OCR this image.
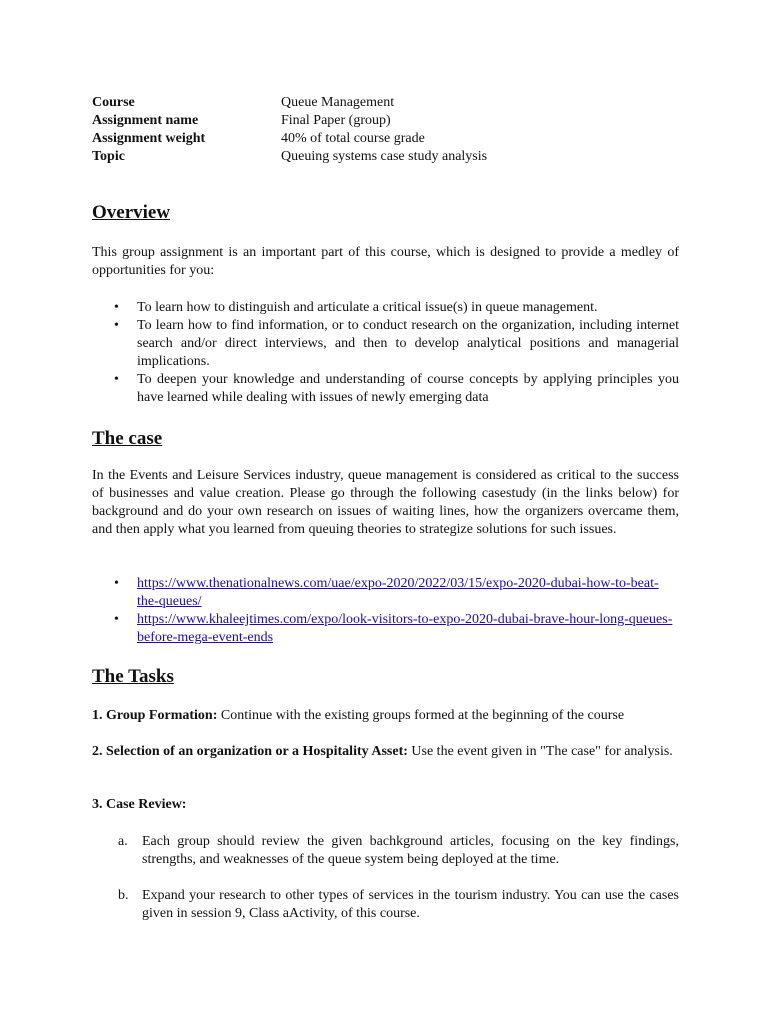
Course	Queue Management
Assignment name	Final Paper (group)
Assignment weight	40% of total course grade
Topic	Queuing systems case study analysis
Overview
This group assignment is an important part of this course, which is designed to provide a medley of opportunities for you:
• To learn how to distinguish and articulate a critical issue(s) in queue management.
• To learn how to find information, or to conduct research on the organization, including internet search and/or direct interviews, and then to develop analytical positions and managerial implications.
• To deepen your knowledge and understanding of course concepts by applying principles you have learned while dealing with issues of newly emerging data
The case
In the Events and Leisure Services industry, queue management is considered as critical to the success of businesses and value creation. Please go through the following casestudy (in the links below) for background and do your own research on issues of waiting lines, how the organizers overcame them, and then apply what you learned from queuing theories to strategize solutions for such issues.
• https://www.thenationalnews.com/uae/expo-2020/2022/03/15/expo-2020-dubai-how-to-beat-the-queues/
• https://www.khaleejtimes.com/expo/look-visitors-to-expo-2020-dubai-brave-hour-long-queues-before-mega-event-ends
The Tasks
1. Group Formation: Continue with the existing groups formed at the beginning of the course
2. Selection of an organization or a Hospitality Asset: Use the event given in "The case" for analysis.
3. Case Review:
a.	Each group should review the given bachkground articles, focusing on the key findings, strengths, and weaknesses of the queue system being deployed at the time.
b. Expand your research to other types of services in the tourism industry. You can use the cases given in session 9, Class aActivity, of this course.
